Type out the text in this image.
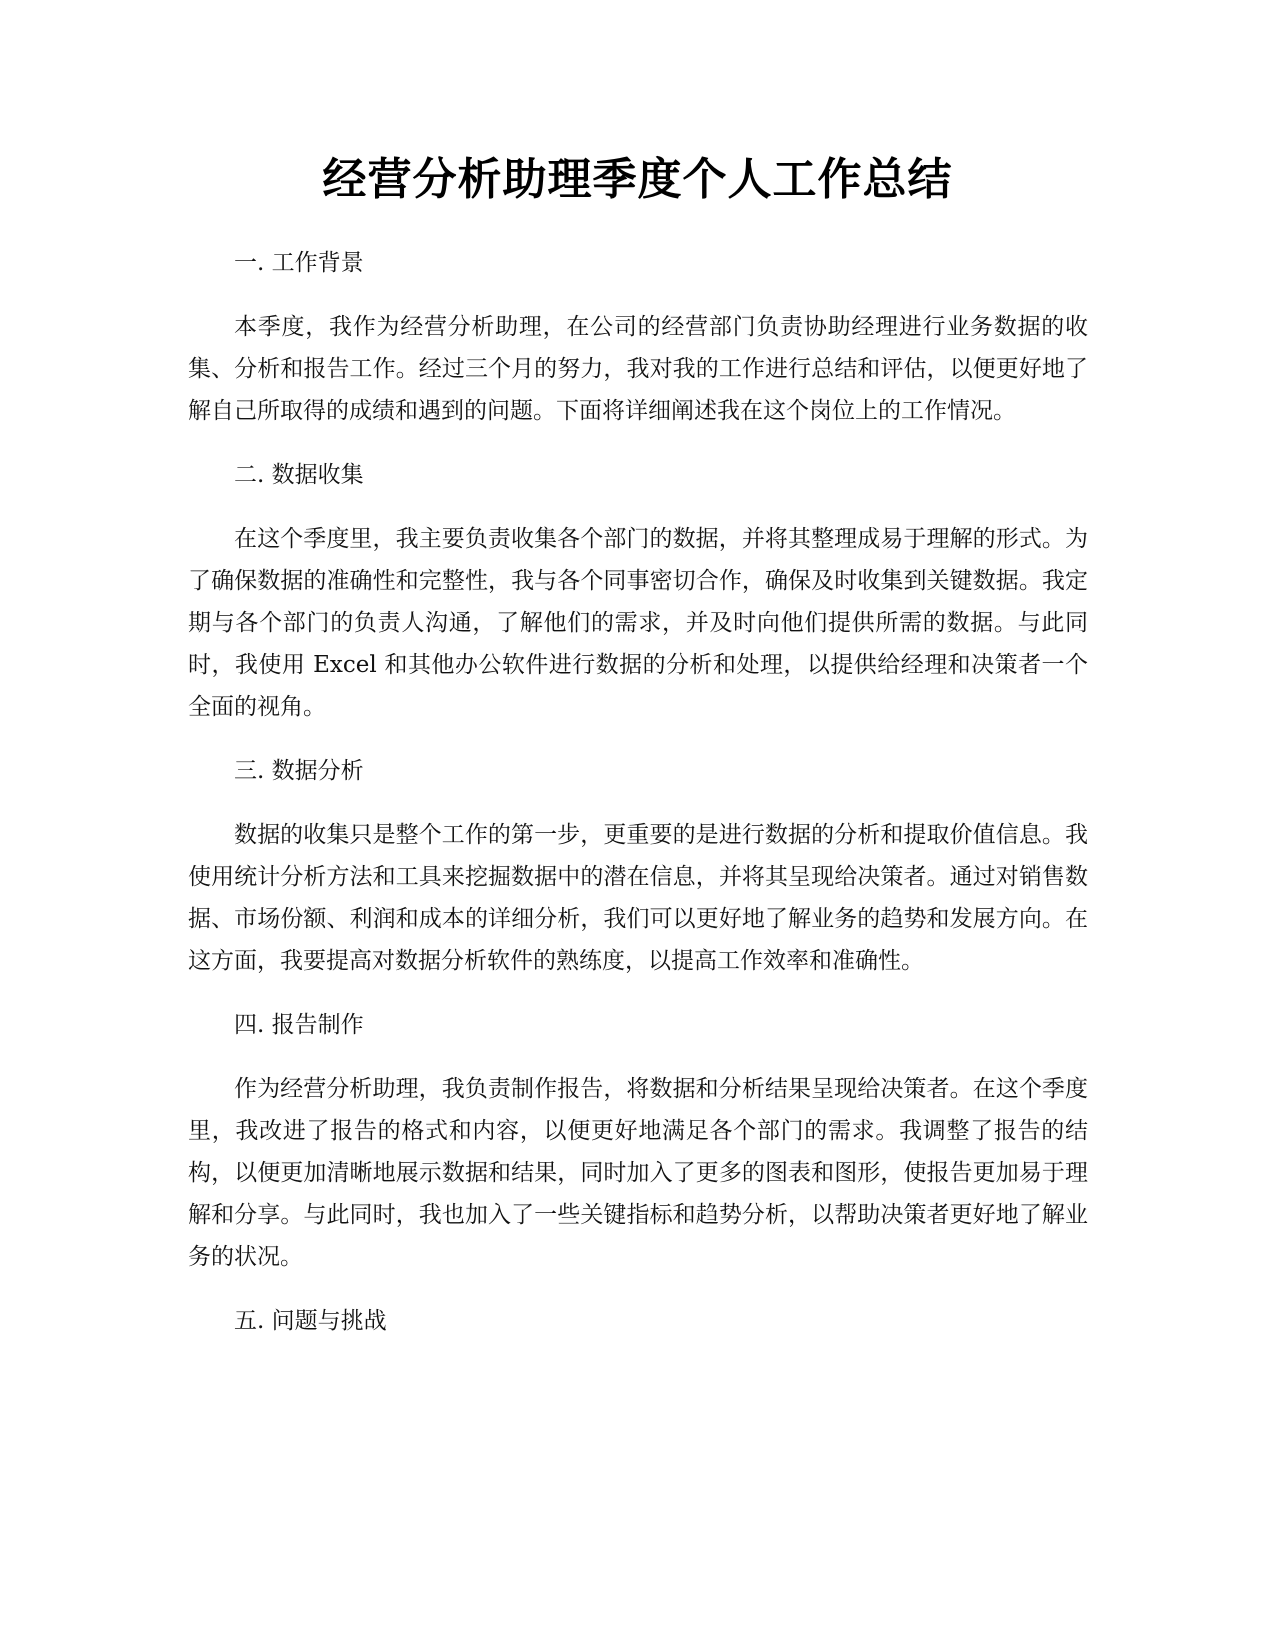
经营分析助理季度个人工作总结

一. 工作背景

本季度，我作为经营分析助理，在公司的经营部门负责协助经理进行业务数据的收集、分析和报告工作。经过三个月的努力，我对我的工作进行总结和评估，以便更好地了解自己所取得的成绩和遇到的问题。下面将详细阐述我在这个岗位上的工作情况。

二. 数据收集

在这个季度里，我主要负责收集各个部门的数据，并将其整理成易于理解的形式。为了确保数据的准确性和完整性，我与各个同事密切合作，确保及时收集到关键数据。我定期与各个部门的负责人沟通，了解他们的需求，并及时向他们提供所需的数据。与此同时，我使用 Excel 和其他办公软件进行数据的分析和处理，以提供给经理和决策者一个全面的视角。

三. 数据分析

数据的收集只是整个工作的第一步，更重要的是进行数据的分析和提取价值信息。我使用统计分析方法和工具来挖掘数据中的潜在信息，并将其呈现给决策者。通过对销售数据、市场份额、利润和成本的详细分析，我们可以更好地了解业务的趋势和发展方向。在这方面，我要提高对数据分析软件的熟练度，以提高工作效率和准确性。

四. 报告制作

作为经营分析助理，我负责制作报告，将数据和分析结果呈现给决策者。在这个季度里，我改进了报告的格式和内容，以便更好地满足各个部门的需求。我调整了报告的结构，以便更加清晰地展示数据和结果，同时加入了更多的图表和图形，使报告更加易于理解和分享。与此同时，我也加入了一些关键指标和趋势分析，以帮助决策者更好地了解业务的状况。

五. 问题与挑战
